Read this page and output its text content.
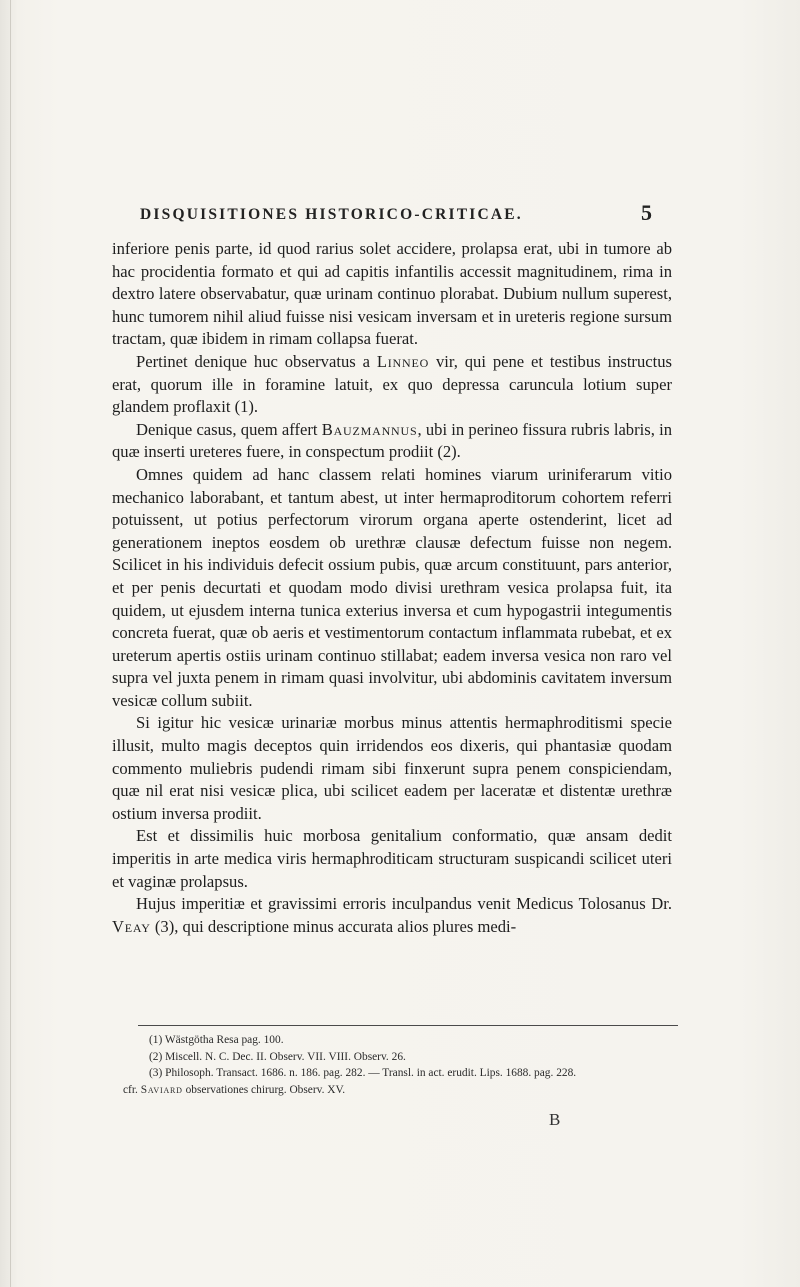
DISQUISITIONES HISTORICO-CRITICAE.	5

inferiore penis parte, id quod rarius solet accidere, prolapsa erat, ubi in tumore ab hac procidentia formato et qui ad capitis infantilis accessit magnitudinem, rima in dextro latere observabatur, quæ urinam continuo plorabat. Dubium nullum superest, hunc tumorem nihil aliud fuisse nisi vesicam inversam et in ureteris regione sursum tractam, quæ ibidem in rimam collapsa fuerat.

Pertinet denique huc observatus a Linneo vir, qui pene et testibus instructus erat, quorum ille in foramine latuit, ex quo depressa caruncula lotium super glandem proflaxit (1).

Denique casus, quem affert Bauzmannus, ubi in perineo fissura rubris labris, in quæ inserti ureteres fuere, in conspectum prodiit (2).

Omnes quidem ad hanc classem relati homines viarum uriniferarum vitio mechanico laborabant, et tantum abest, ut inter hermaproditorum cohortem referri potuissent, ut potius perfectorum virorum organa aperte ostenderint, licet ad generationem ineptos eosdem ob urethræ clausæ defectum fuisse non negem. Scilicet in his individuis defecit ossium pubis, quæ arcum constituunt, pars anterior, et per penis decurtati et quodam modo divisi urethram vesica prolapsa fuit, ita quidem, ut ejusdem interna tunica exterius inversa et cum hypogastrii integumentis concreta fuerat, quæ ob aeris et vestimentorum contactum inflammata rubebat, et ex ureterum apertis ostiis urinam continuo stillabat; eadem inversa vesica non raro vel supra vel juxta penem in rimam quasi involvitur, ubi abdominis cavitatem inversum vesicæ collum subiit.

Si igitur hic vesicæ urinariæ morbus minus attentis hermaphroditismi specie illusit, multo magis deceptos quin irridendos eos dixeris, qui phantasiæ quodam commento muliebris pudendi rimam sibi finxerunt supra penem conspiciendam, quæ nil erat nisi vesicæ plica, ubi scilicet eadem per laceratæ et distentæ urethræ ostium inversa prodiit.

Est et dissimilis huic morbosa genitalium conformatio, quæ ansam dedit imperitis in arte medica viris hermaphroditicam structuram suspicandi scilicet uteri et vaginæ prolapsus.

Hujus imperitiæ et gravissimi erroris inculpandus venit Medicus Tolosanus Dr. Veay (3), qui descriptione minus accurata alios plures medi-

(1) Wästgötha Resa pag. 100.
(2) Miscell. N. C. Dec. II. Observ. VII. VIII. Observ. 26.
(3) Philosoph. Transact. 1686. n. 186. pag. 282. — Transl. in act. erudit. Lips. 1688. pag. 228.
cfr. Saviard observationes chirurg. Observ. XV.
B
